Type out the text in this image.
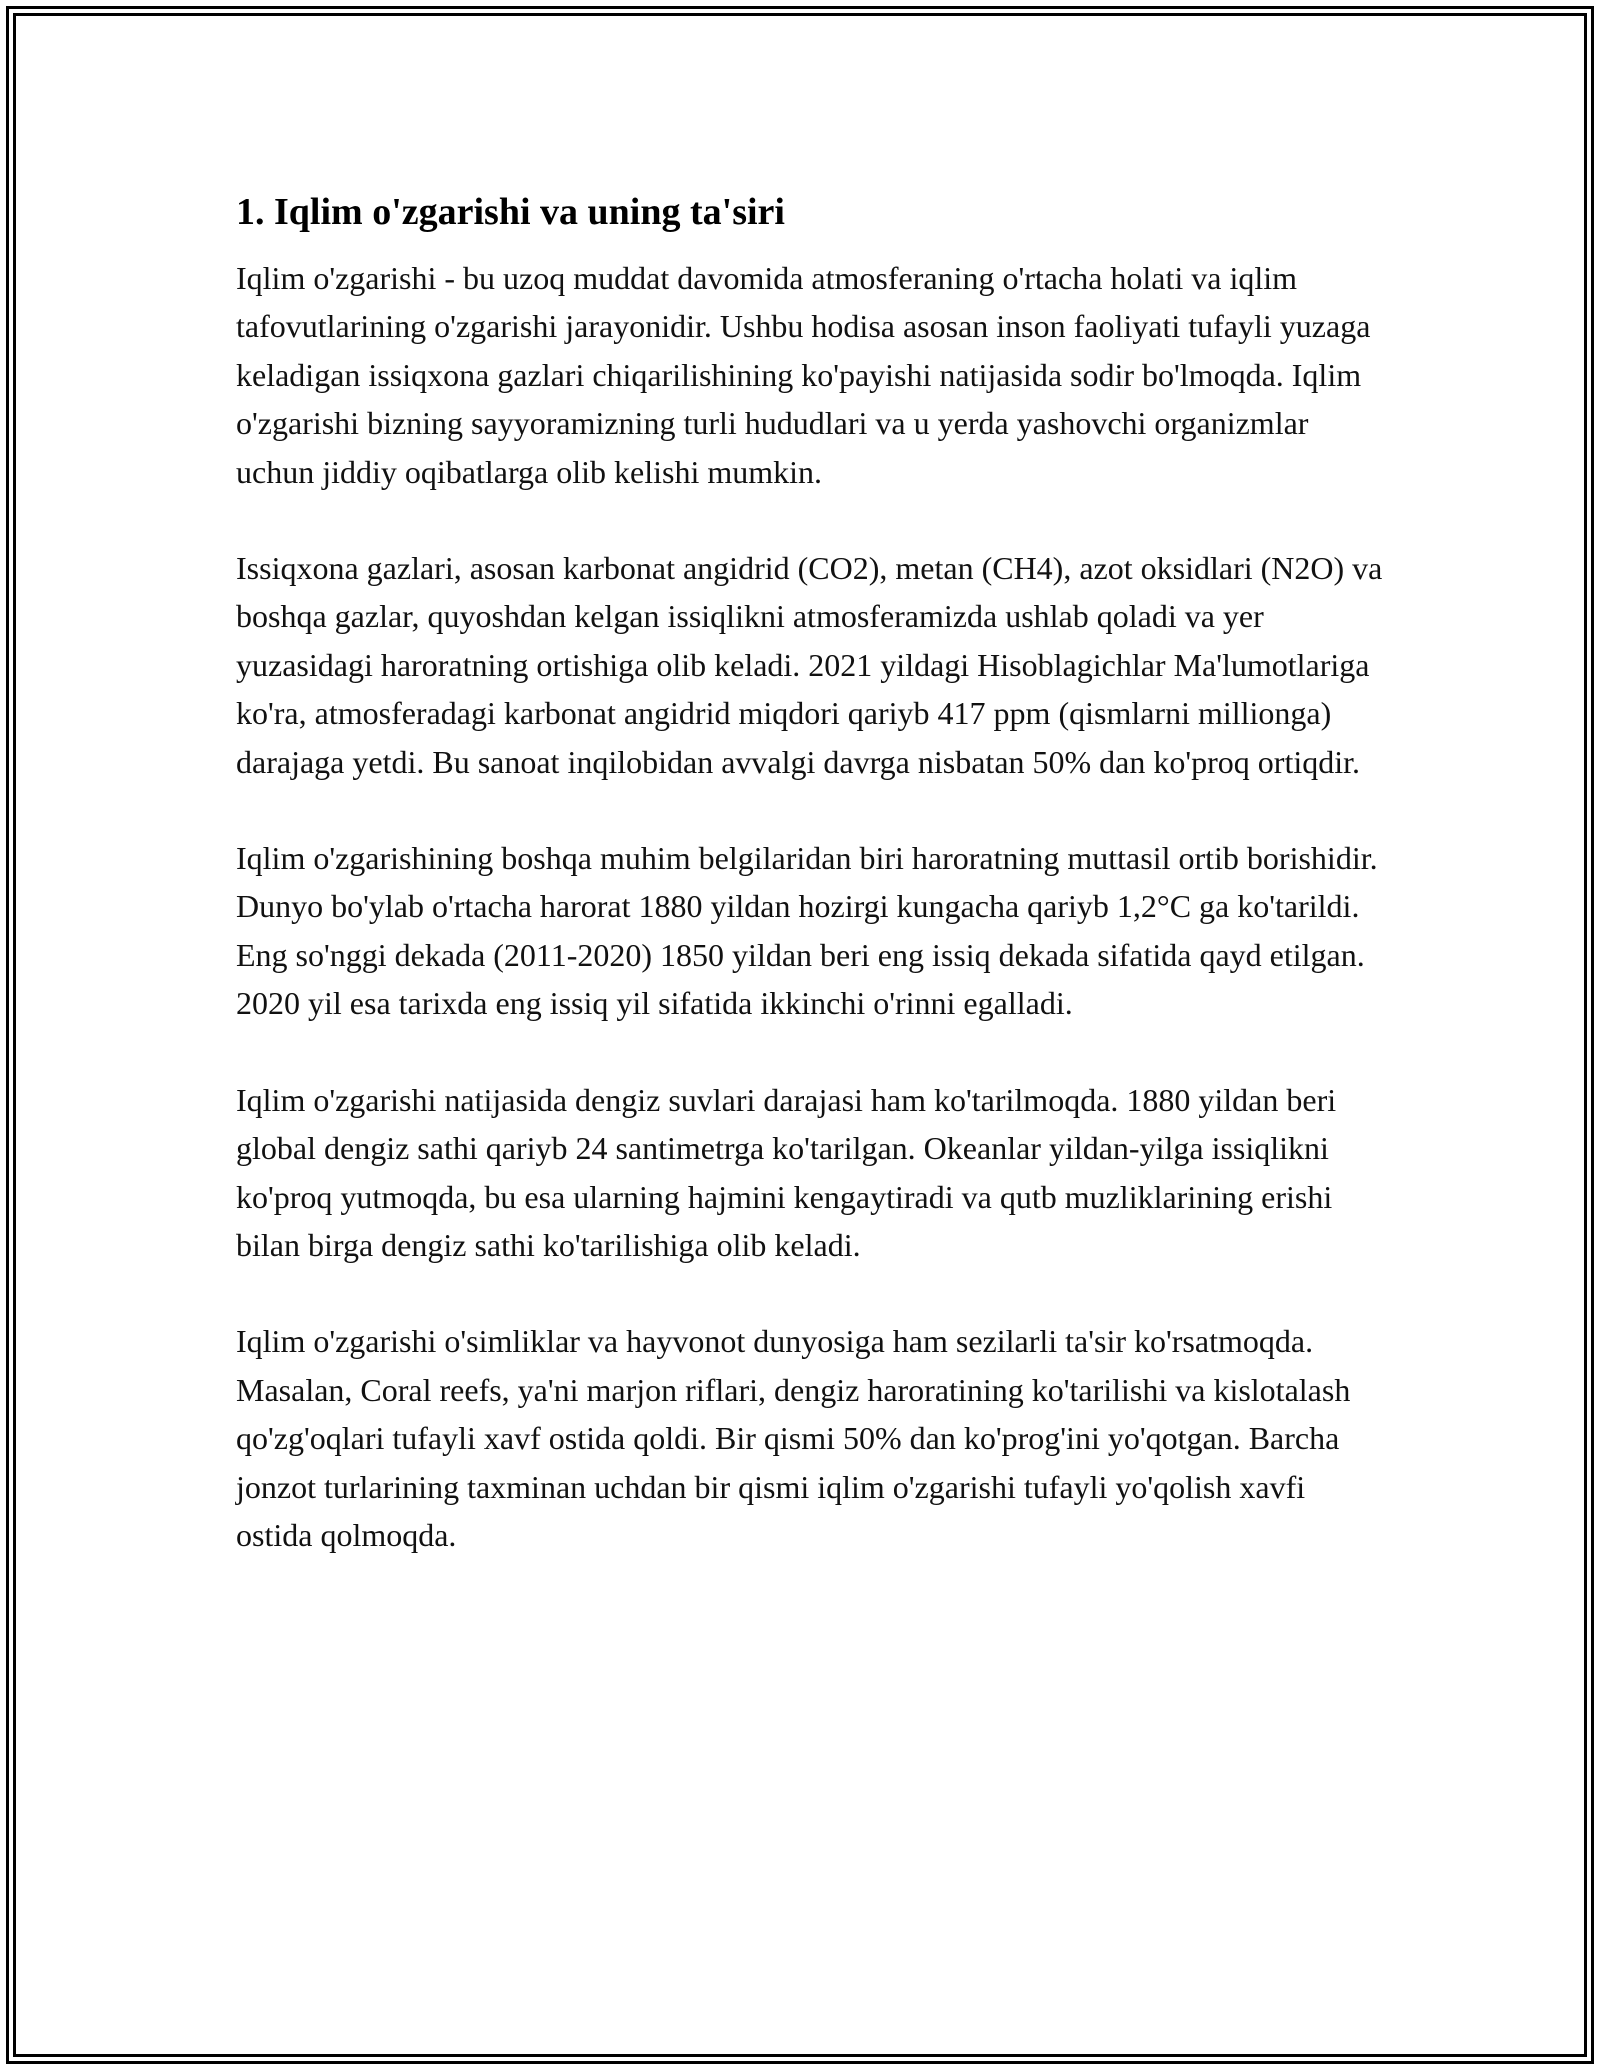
1. Iqlim o'zgarishi va uning ta'siri

Iqlim o'zgarishi - bu uzoq muddat davomida atmosferaning o'rtacha holati va iqlim tafovutlarining o'zgarishi jarayonidir. Ushbu hodisa asosan inson faoliyati tufayli yuzaga keladigan issiqxona gazlari chiqarilishining ko'payishi natijasida sodir bo'lmoqda. Iqlim o'zgarishi bizning sayyoramizning turli hududlari va u yerda yashovchi organizmlar uchun jiddiy oqibatlarga olib kelishi mumkin.

Issiqxona gazlari, asosan karbonat angidrid (CO2), metan (CH4), azot oksidlari (N2O) va boshqa gazlar, quyoshdan kelgan issiqlikni atmosferamizda ushlab qoladi va yer yuzasidagi haroratning ortishiga olib keladi. 2021 yildagi Hisoblagichlar Ma'lumotlariga ko'ra, atmosferadagi karbonat angidrid miqdori qariyb 417 ppm (qismlarni millionga) darajaga yetdi. Bu sanoat inqilobidan avvalgi davrga nisbatan 50% dan ko'proq ortiqdir.

Iqlim o'zgarishining boshqa muhim belgilaridan biri haroratning muttasil ortib borishidir. Dunyo bo'ylab o'rtacha harorat 1880 yildan hozirgi kungacha qariyb 1,2°C ga ko'tarildi. Eng so'nggi dekada (2011-2020) 1850 yildan beri eng issiq dekada sifatida qayd etilgan. 2020 yil esa tarixda eng issiq yil sifatida ikkinchi o'rinni egalladi.

Iqlim o'zgarishi natijasida dengiz suvlari darajasi ham ko'tarilmoqda. 1880 yildan beri global dengiz sathi qariyb 24 santimetrga ko'tarilgan. Okeanlar yildan-yilga issiqlikni ko'proq yutmoqda, bu esa ularning hajmini kengaytiradi va qutb muzliklarining erishi bilan birga dengiz sathi ko'tarilishiga olib keladi.

Iqlim o'zgarishi o'simliklar va hayvonot dunyosiga ham sezilarli ta'sir ko'rsatmoqda. Masalan, Coral reefs, ya'ni marjon riflari, dengiz haroratining ko'tarilishi va kislotalash qo'zg'oqlari tufayli xavf ostida qoldi. Bir qismi 50% dan ko'prog'ini yo'qotgan. Barcha jonzot turlarining taxminan uchdan bir qismi iqlim o'zgarishi tufayli yo'qolish xavfi ostida qolmoqda.
